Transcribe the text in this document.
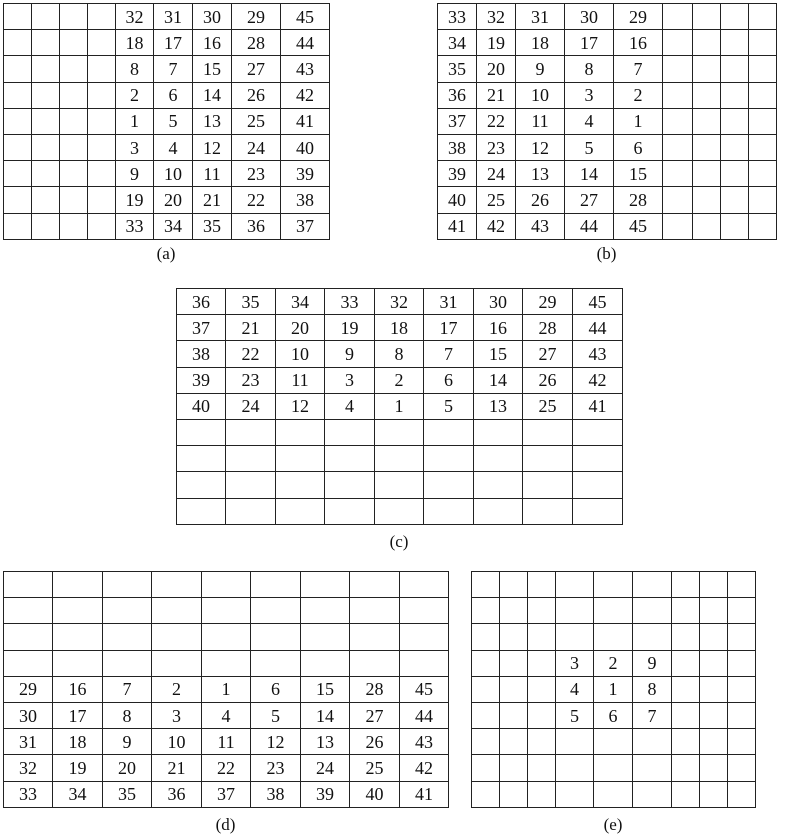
				32	31	30	29	45
				18	17	16	28	44
				8	7	15	27	43
				2	6	14	26	42
				1	5	13	25	41
				3	4	12	24	40
				9	10	11	23	39
				19	20	21	22	38
				33	34	35	36	37
(a)
33	32	31	30	29				
34	19	18	17	16				
35	20	9	8	7				
36	21	10	3	2				
37	22	11	4	1				
38	23	12	5	6				
39	24	13	14	15				
40	25	26	27	28				
41	42	43	44	45				
(b)
36	35	34	33	32	31	30	29	45
37	21	20	19	18	17	16	28	44
38	22	10	9	8	7	15	27	43
39	23	11	3	2	6	14	26	42
40	24	12	4	1	5	13	25	41

(c)

29	16	7	2	1	6	15	28	45
30	17	8	3	4	5	14	27	44
31	18	9	10	11	12	13	26	43
32	19	20	21	22	23	24	25	42
33	34	35	36	37	38	39	40	41
(d)

			3	2	9			
			4	1	8			
			5	6	7			

(e)
